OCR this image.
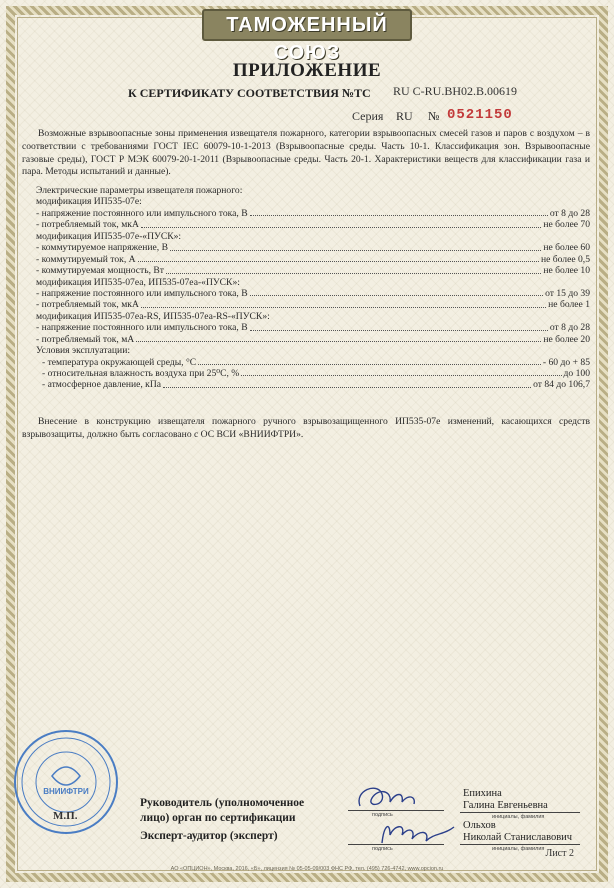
ТАМОЖЕННЫЙ СОЮЗ
ПРИЛОЖЕНИЕ
К СЕРТИФИКАТУ СООТВЕТСТВИЯ №ТС RU C-RU.ВН02.В.00619
Серия RU № 0521150
Возможные взрывоопасные зоны применения извещателя пожарного, категории взрывоопасных смесей газов и паров с воздухом – в соответствии с требованиями ГОСТ IEC 60079-10-1-2013 (Взрывоопасные среды. Часть 10-1. Классификация зон. Взрывоопасные газовые среды), ГОСТ Р МЭК 60079-20-1-2011 (Взрывоопасные среды. Часть 20-1. Характеристики веществ для классификации газа и пара. Методы испытаний и данные).
Электрические параметры извещателя пожарного:
модификация ИП535-07е:
- напряжение постоянного или импульсного тока, В	от 8 до 28
- потребляемый ток, мкА	не более 70
модификация ИП535-07е-«ПУСК»:
- коммутируемое напряжение, В	не более 60
- коммутируемый ток, А	не более 0,5
- коммутируемая мощность, Вт	не более 10
модификация ИП535-07еа, ИП535-07еа-«ПУСК»:
- напряжение постоянного или импульсного тока, В	от 15 до 39
- потребляемый ток, мкА	не более 1
модификация ИП535-07еа-RS, ИП535-07еа-RS-«ПУСК»:
- напряжение постоянного или импульсного тока, В	от 8 до 28
- потребляемый ток, мА	не более 20
Условия эксплуатации:
- температура окружающей среды, °С	- 60 до + 85
- относительная влажность воздуха при 25⁰С, %	до 100
- атмосферное давление, кПа	от 84 до 106,7
Внесение в конструкцию извещателя пожарного ручного взрывозащищенного ИП535-07е изменений, касающихся средств взрывозащиты, должно быть согласовано с ОС ВСИ «ВНИИФТРИ».
ВНИИФТРИ
М.П.
Руководитель (уполномоченное
лицо) орган по сертификации
Эксперт-аудитор (эксперт)
подпись
подпись
Епихина
Галина Евгеньевна
инициалы, фамилия
Ольхов
Николай Станиславович
инициалы, фамилия Лист 2
АО «ОПЦИОН», Москва, 2016, «Б», лицензия № 05-05-09/003 ФНС РФ, тел. (495) 726-4742, www.opcion.ru
